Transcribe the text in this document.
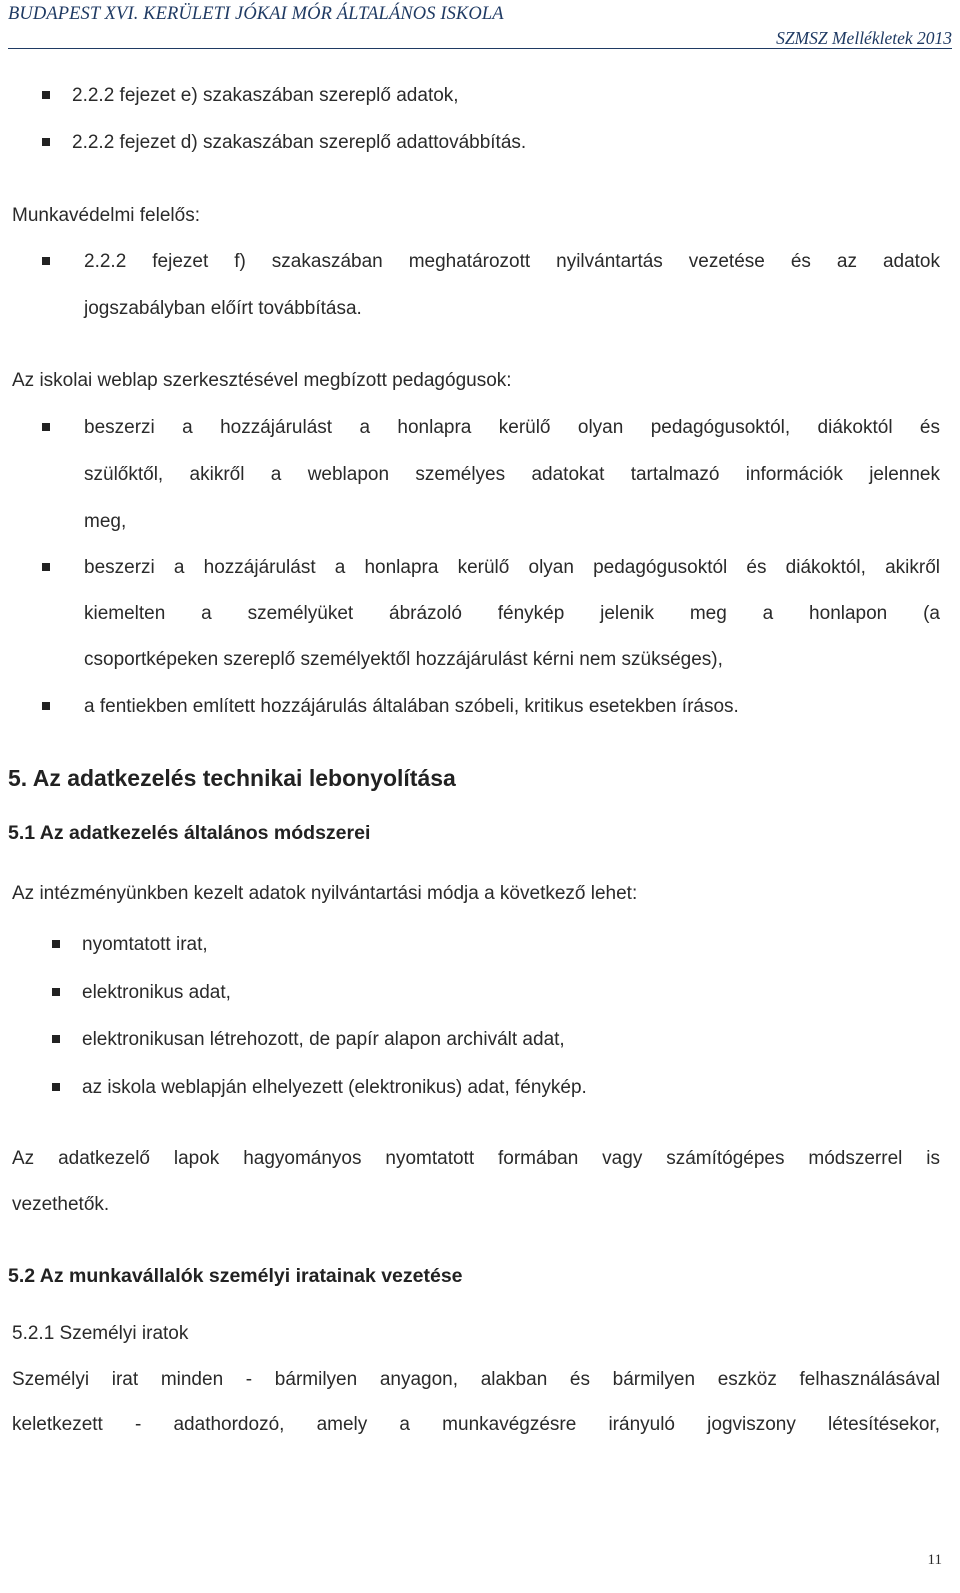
BUDAPEST XVI. KERÜLETI JÓKAI MÓR ÁLTALÁNOS ISKOLA
SZMSZ Mellékletek 2013
2.2.2 fejezet e) szakaszában szereplő adatok,
2.2.2 fejezet d) szakaszában szereplő adattovábbítás.
Munkavédelmi felelős:
2.2.2 fejezet f) szakaszában meghatározott nyilvántartás vezetése és az adatok
jogszabályban előírt továbbítása.
Az iskolai weblap szerkesztésével megbízott pedagógusok:
beszerzi a hozzájárulást a honlapra kerülő olyan pedagógusoktól, diákoktól és
szülőktől, akikről a weblapon személyes adatokat tartalmazó információk jelennek
meg,
beszerzi a hozzájárulást a honlapra kerülő olyan pedagógusoktól és diákoktól, akikről
kiemelten a személyüket ábrázoló fénykép jelenik meg a honlapon (a
csoportképeken szereplő személyektől hozzájárulást kérni nem szükséges),
a fentiekben említett hozzájárulás általában szóbeli, kritikus esetekben írásos.
5. Az adatkezelés technikai lebonyolítása
5.1 Az adatkezelés általános módszerei
Az intézményünkben kezelt adatok nyilvántartási módja a következő lehet:
nyomtatott irat,
elektronikus adat,
elektronikusan létrehozott, de papír alapon archivált adat,
az iskola weblapján elhelyezett (elektronikus) adat, fénykép.
Az adatkezelő lapok hagyományos nyomtatott formában vagy számítógépes módszerrel is
vezethetők.
5.2 Az munkavállalók személyi iratainak vezetése
5.2.1 Személyi iratok
Személyi irat minden - bármilyen anyagon, alakban és bármilyen eszköz felhasználásával
keletkezett - adathordozó, amely a munkavégzésre irányuló jogviszony létesítésekor,
11
